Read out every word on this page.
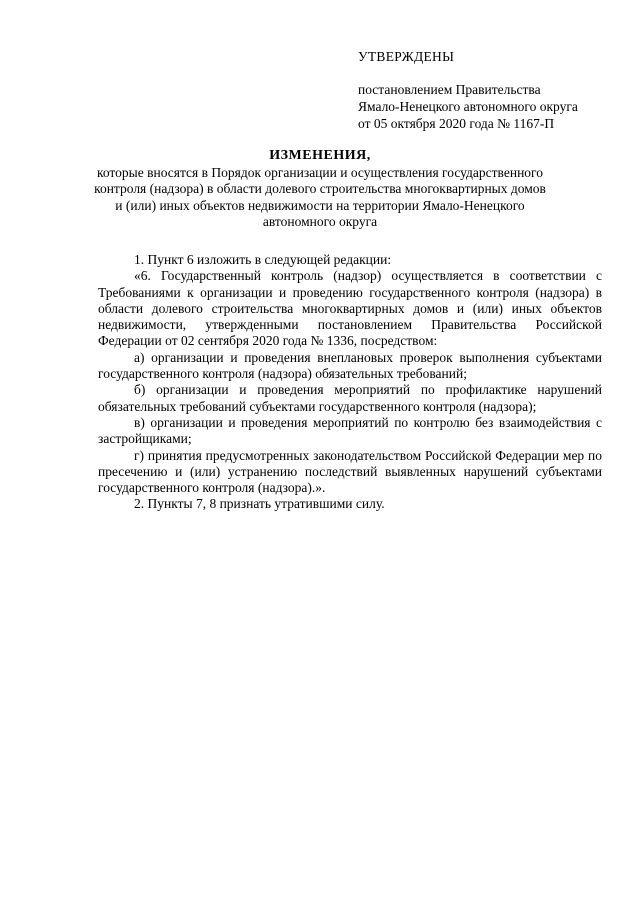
УТВЕРЖДЕНЫ
постановлением Правительства
Ямало-Ненецкого автономного округа
от 05 октября 2020 года № 1167-П
ИЗМЕНЕНИЯ,
которые вносятся в Порядок организации и осуществления государственного
контроля (надзора) в области долевого строительства многоквартирных домов
и (или) иных объектов недвижимости на территории Ямало-Ненецкого
автономного округа

1. Пункт 6 изложить в следующей редакции:

«6. Государственный контроль (надзор) осуществляется в соответствии с Требованиями к организации и проведению государственного контроля (надзора) в области долевого строительства многоквартирных домов и (или) иных объектов недвижимости, утвержденными постановлением Правительства Российской Федерации от 02 сентября 2020 года № 1336, посредством:

а) организации и проведения внеплановых проверок выполнения субъектами государственного контроля (надзора) обязательных требований;

б) организации и проведения мероприятий по профилактике нарушений обязательных требований субъектами государственного контроля (надзора);

в) организации и проведения мероприятий по контролю без взаимодействия с застройщиками;

г) принятия предусмотренных законодательством Российской Федерации мер по пресечению и (или) устранению последствий выявленных нарушений субъектами государственного контроля (надзора).».

2. Пункты 7, 8 признать утратившими силу.
